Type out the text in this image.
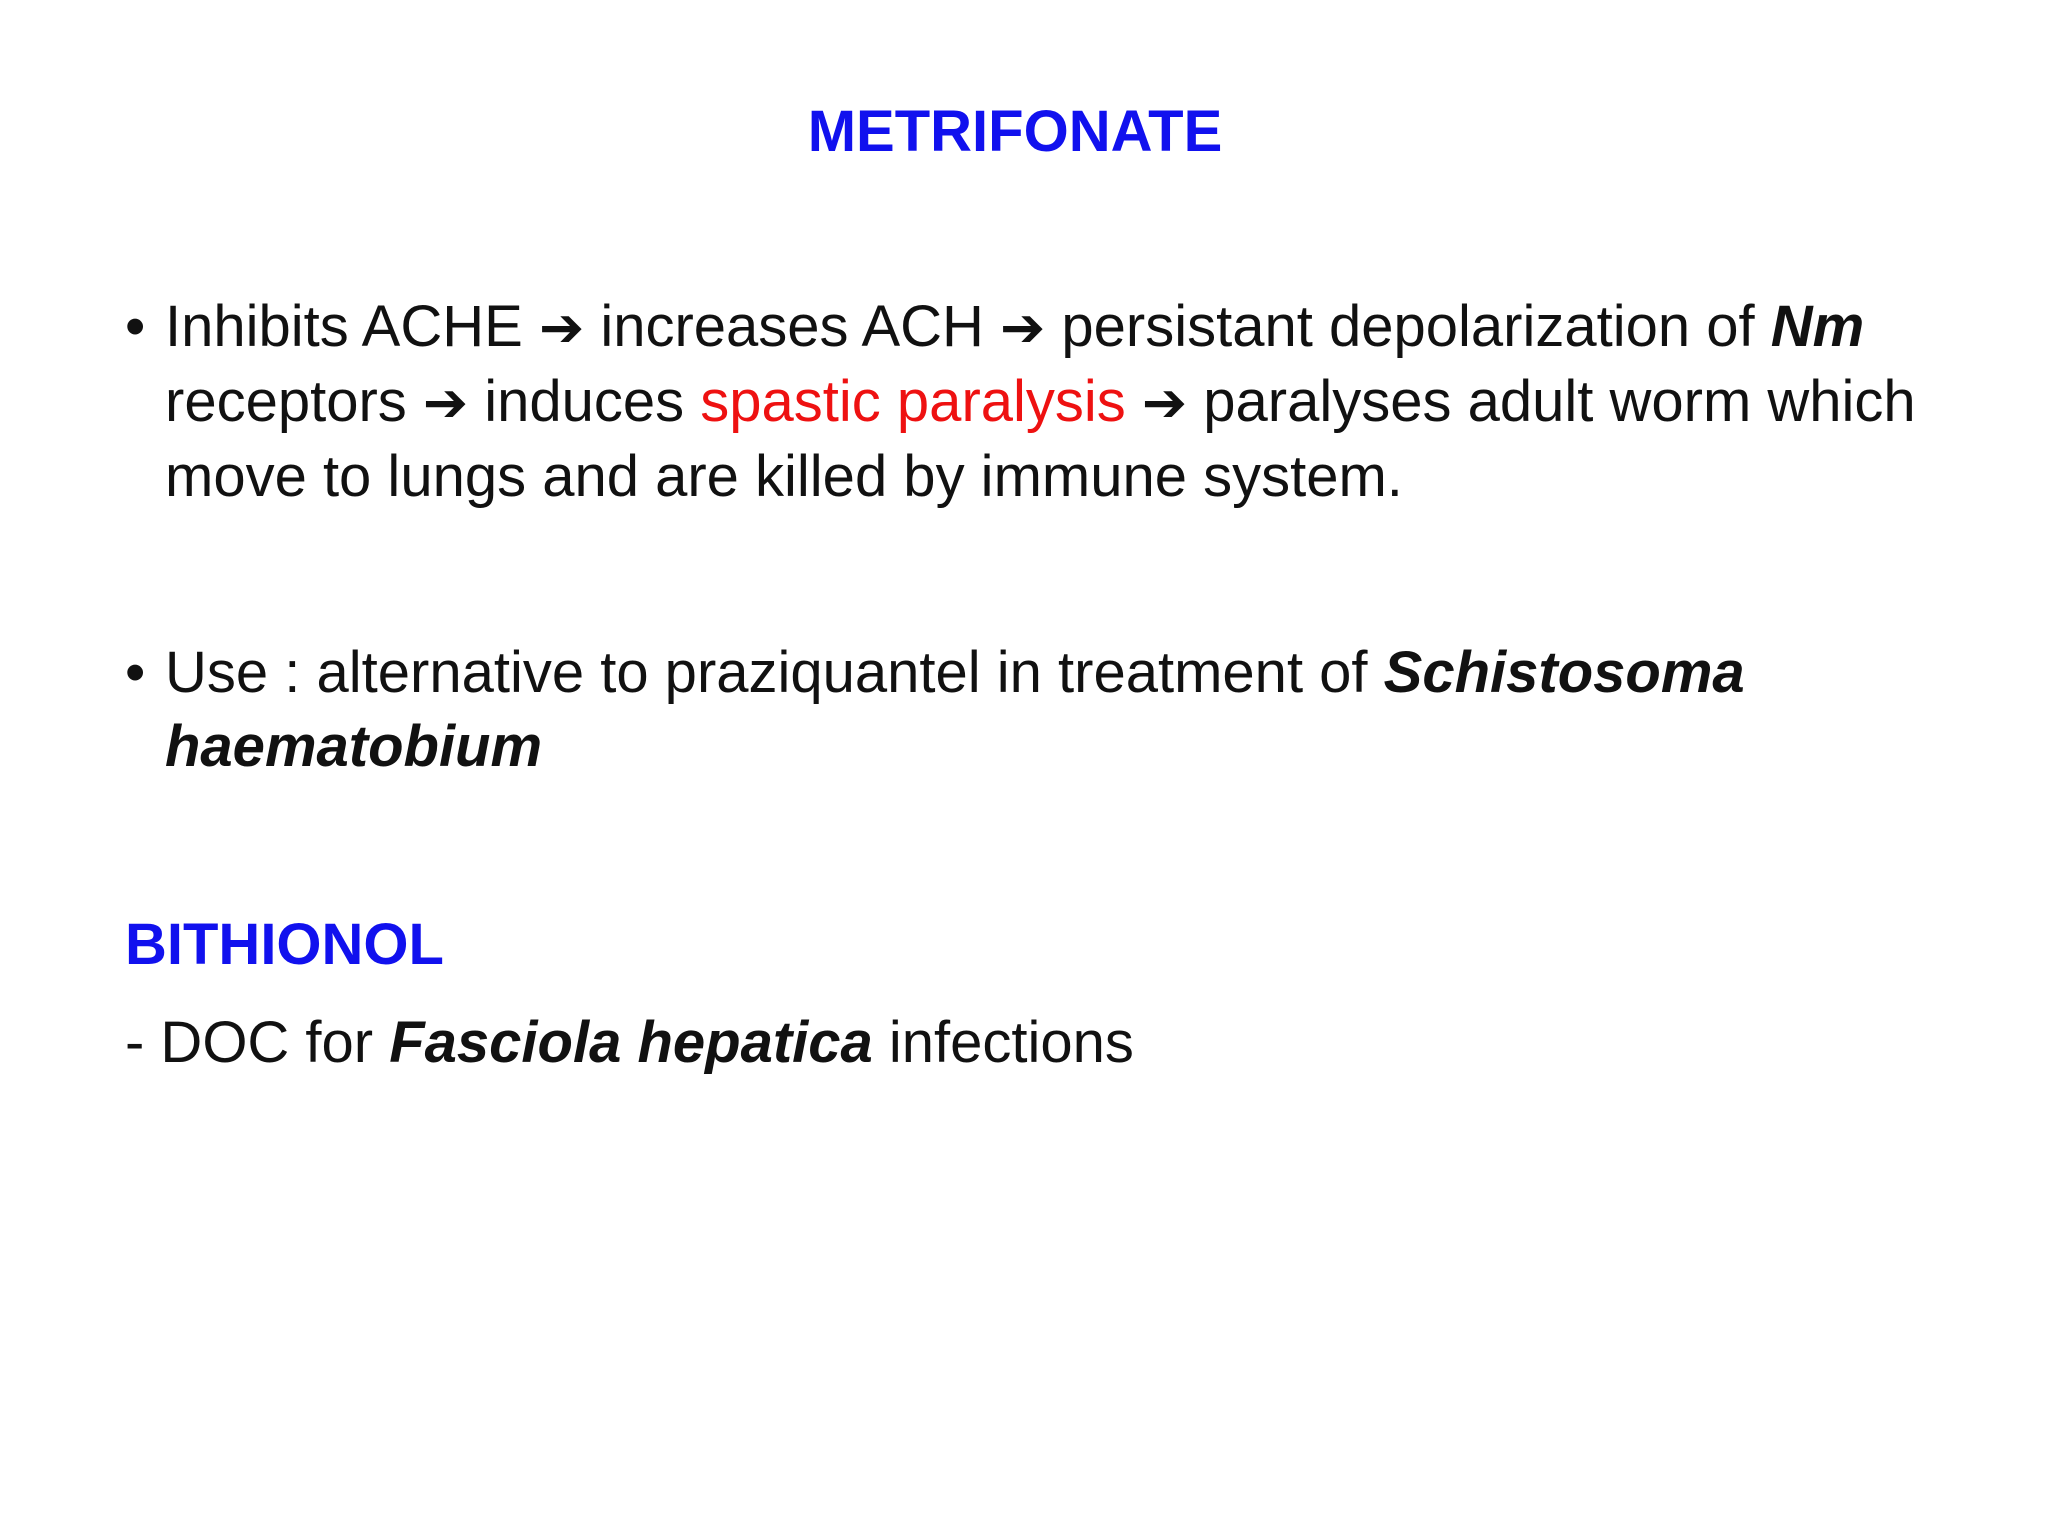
METRIFONATE
• Inhibits ACHE ➔ increases ACH ➔ persistant depolarization of Nm receptors ➔ induces spastic paralysis ➔ paralyses adult worm which move to lungs and are killed by immune system.
• Use : alternative to praziquantel in treatment of Schistosoma haematobium
BITHIONOL

- DOC for Fasciola hepatica infections
